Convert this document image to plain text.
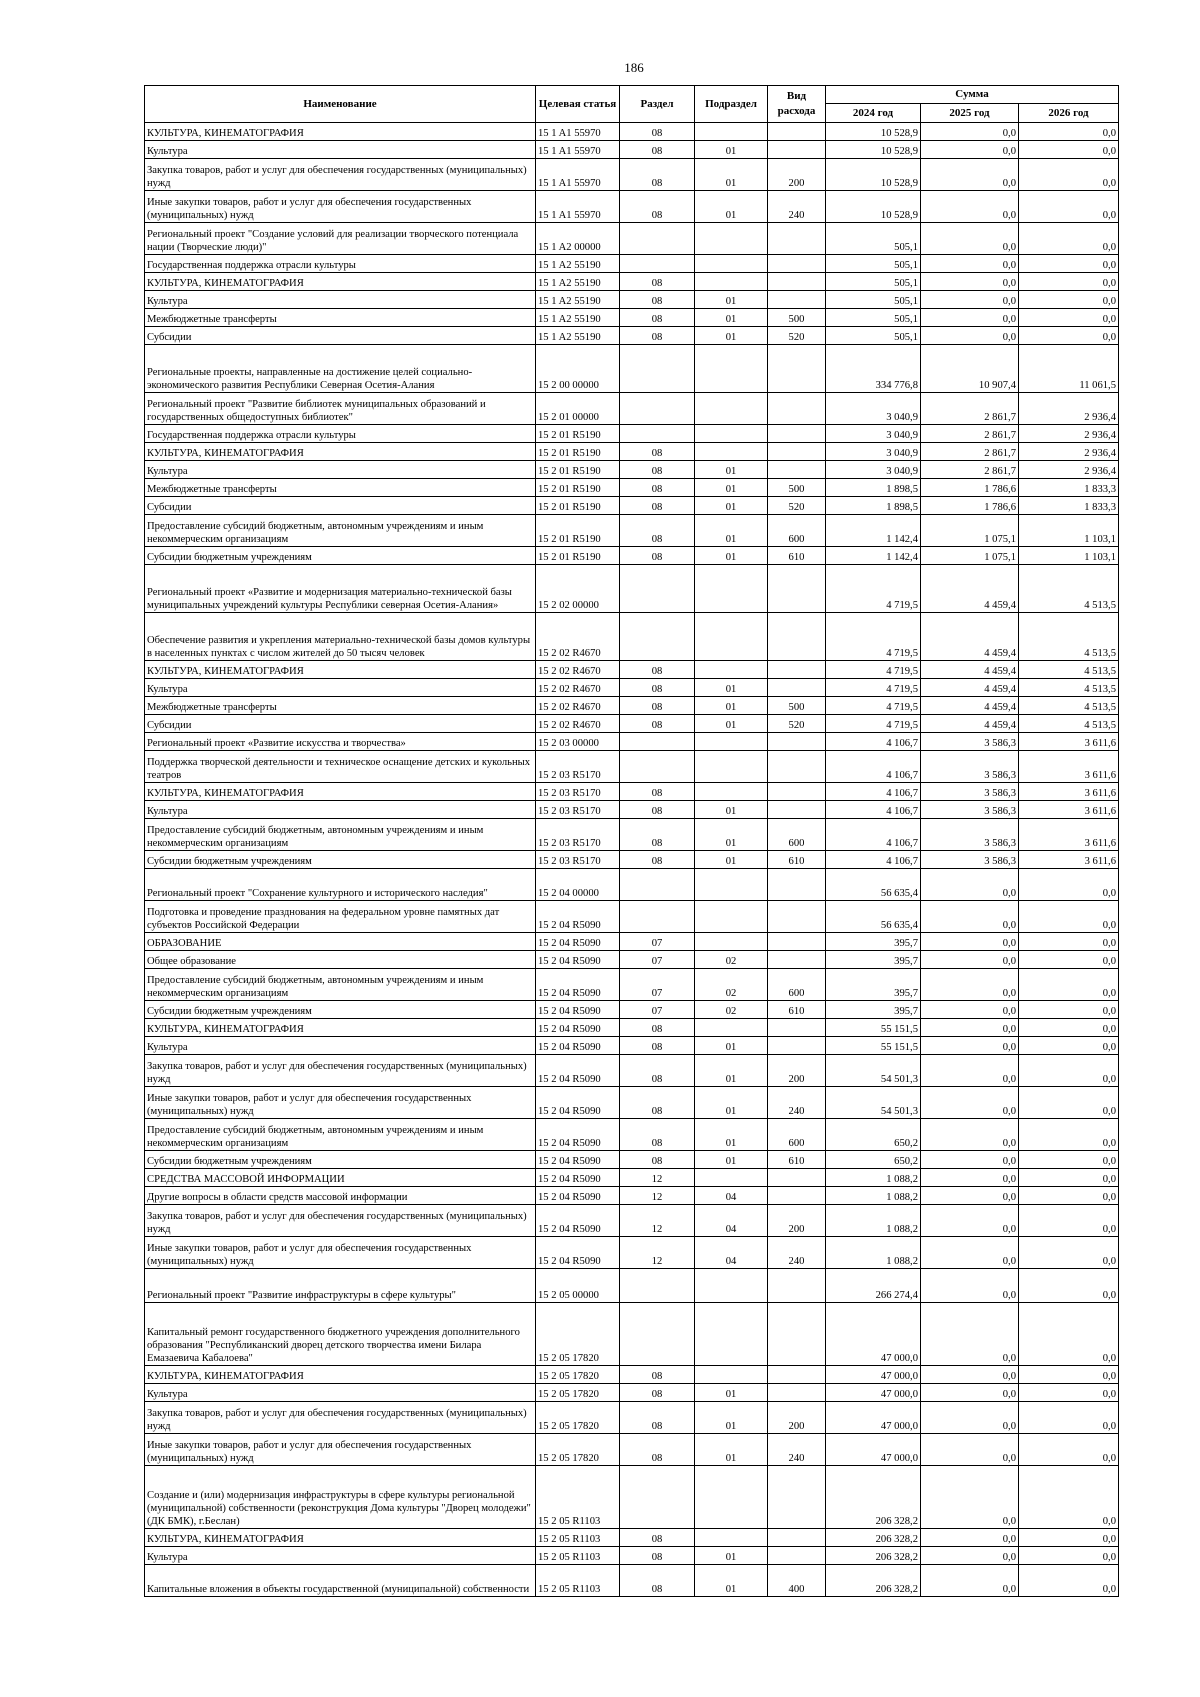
186
Наименование	Целевая статья	Раздел	Подраздел	Вид расхода	Сумма		
					2024 год	2025 год	2026 год
КУЛЬТУРА, КИНЕМАТОГРАФИЯ	15 1 A1 55970	08			10 528,9	0,0	0,0
Культура	15 1 A1 55970	08	01		10 528,9	0,0	0,0
Закупка товаров, работ и услуг для обеспечения государственных (муниципальных) нужд	15 1 A1 55970	08	01	200	10 528,9	0,0	0,0
Иные закупки товаров, работ и услуг для обеспечения государственных (муниципальных) нужд	15 1 A1 55970	08	01	240	10 528,9	0,0	0,0
Региональный проект "Создание условий для реализации творческого потенциала нации (Творческие люди)"	15 1 A2 00000				505,1	0,0	0,0
Государственная поддержка отрасли культуры	15 1 A2 55190				505,1	0,0	0,0
КУЛЬТУРА, КИНЕМАТОГРАФИЯ	15 1 A2 55190	08			505,1	0,0	0,0
Культура	15 1 A2 55190	08	01		505,1	0,0	0,0
Межбюджетные трансферты	15 1 A2 55190	08	01	500	505,1	0,0	0,0
Субсидии	15 1 A2 55190	08	01	520	505,1	0,0	0,0
Региональные проекты, направленные на достижение целей социально-экономического развития Республики Северная Осетия-Алания	15 2 00 00000				334 776,8	10 907,4	11 061,5
Региональный проект "Развитие библиотек муниципальных образований и государственных общедоступных библиотек"	15 2 01 00000				3 040,9	2 861,7	2 936,4
Государственная поддержка отрасли культуры	15 2 01 R5190				3 040,9	2 861,7	2 936,4
КУЛЬТУРА, КИНЕМАТОГРАФИЯ	15 2 01 R5190	08			3 040,9	2 861,7	2 936,4
Культура	15 2 01 R5190	08	01		3 040,9	2 861,7	2 936,4
Межбюджетные трансферты	15 2 01 R5190	08	01	500	1 898,5	1 786,6	1 833,3
Субсидии	15 2 01 R5190	08	01	520	1 898,5	1 786,6	1 833,3
Предоставление субсидий бюджетным, автономным учреждениям и иным некоммерческим организациям	15 2 01 R5190	08	01	600	1 142,4	1 075,1	1 103,1
Субсидии бюджетным учреждениям	15 2 01 R5190	08	01	610	1 142,4	1 075,1	1 103,1
Региональный проект «Развитие и модернизация материально-технической базы муниципальных учреждений культуры Республики северная Осетия-Алания»	15 2 02 00000				4 719,5	4 459,4	4 513,5
Обеспечение развития и укрепления материально-технической базы домов культуры в населенных пунктах с числом жителей до 50 тысяч человек	15 2 02 R4670				4 719,5	4 459,4	4 513,5
КУЛЬТУРА, КИНЕМАТОГРАФИЯ	15 2 02 R4670	08			4 719,5	4 459,4	4 513,5
Культура	15 2 02 R4670	08	01		4 719,5	4 459,4	4 513,5
Межбюджетные трансферты	15 2 02 R4670	08	01	500	4 719,5	4 459,4	4 513,5
Субсидии	15 2 02 R4670	08	01	520	4 719,5	4 459,4	4 513,5
Региональный проект «Развитие искусства и творчества»	15 2 03 00000				4 106,7	3 586,3	3 611,6
Поддержка творческой деятельности и техническое оснащение детских и кукольных театров	15 2 03 R5170				4 106,7	3 586,3	3 611,6
КУЛЬТУРА, КИНЕМАТОГРАФИЯ	15 2 03 R5170	08			4 106,7	3 586,3	3 611,6
Культура	15 2 03 R5170	08	01		4 106,7	3 586,3	3 611,6
Предоставление субсидий бюджетным, автономным учреждениям и иным некоммерческим организациям	15 2 03 R5170	08	01	600	4 106,7	3 586,3	3 611,6
Субсидии бюджетным учреждениям	15 2 03 R5170	08	01	610	4 106,7	3 586,3	3 611,6
Региональный проект "Сохранение культурного и исторического наследия"	15 2 04 00000				56 635,4	0,0	0,0
Подготовка и проведение празднования на федеральном уровне памятных дат субъектов Российской Федерации	15 2 04 R5090				56 635,4	0,0	0,0
ОБРАЗОВАНИЕ	15 2 04 R5090	07			395,7	0,0	0,0
Общее образование	15 2 04 R5090	07	02		395,7	0,0	0,0
Предоставление субсидий бюджетным, автономным учреждениям и иным некоммерческим организациям	15 2 04 R5090	07	02	600	395,7	0,0	0,0
Субсидии бюджетным учреждениям	15 2 04 R5090	07	02	610	395,7	0,0	0,0
КУЛЬТУРА, КИНЕМАТОГРАФИЯ	15 2 04 R5090	08			55 151,5	0,0	0,0
Культура	15 2 04 R5090	08	01		55 151,5	0,0	0,0
Закупка товаров, работ и услуг для обеспечения государственных (муниципальных) нужд	15 2 04 R5090	08	01	200	54 501,3	0,0	0,0
Иные закупки товаров, работ и услуг для обеспечения государственных (муниципальных) нужд	15 2 04 R5090	08	01	240	54 501,3	0,0	0,0
Предоставление субсидий бюджетным, автономным учреждениям и иным некоммерческим организациям	15 2 04 R5090	08	01	600	650,2	0,0	0,0
Субсидии бюджетным учреждениям	15 2 04 R5090	08	01	610	650,2	0,0	0,0
СРЕДСТВА МАССОВОЙ ИНФОРМАЦИИ	15 2 04 R5090	12			1 088,2	0,0	0,0
Другие вопросы в области средств массовой информации	15 2 04 R5090	12	04		1 088,2	0,0	0,0
Закупка товаров, работ и услуг для обеспечения государственных (муниципальных) нужд	15 2 04 R5090	12	04	200	1 088,2	0,0	0,0
Иные закупки товаров, работ и услуг для обеспечения государственных (муниципальных) нужд	15 2 04 R5090	12	04	240	1 088,2	0,0	0,0
Региональный проект "Развитие инфраструктуры в сфере культуры"	15 2 05 00000				266 274,4	0,0	0,0
Капитальный ремонт государственного бюджетного учреждения дополнительного образования "Республиканский дворец детского творчества имени Билара Емазаевича Кабалоева"	15 2 05 17820				47 000,0	0,0	0,0
КУЛЬТУРА, КИНЕМАТОГРАФИЯ	15 2 05 17820	08			47 000,0	0,0	0,0
Культура	15 2 05 17820	08	01		47 000,0	0,0	0,0
Закупка товаров, работ и услуг для обеспечения государственных (муниципальных) нужд	15 2 05 17820	08	01	200	47 000,0	0,0	0,0
Иные закупки товаров, работ и услуг для обеспечения государственных (муниципальных) нужд	15 2 05 17820	08	01	240	47 000,0	0,0	0,0
Создание и (или) модернизация инфраструктуры в сфере культуры региональной (муниципальной) собственности (реконструкция Дома культуры "Дворец молодежи" (ДК БМК), г.Беслан)	15 2 05 R1103				206 328,2	0,0	0,0
КУЛЬТУРА, КИНЕМАТОГРАФИЯ	15 2 05 R1103	08			206 328,2	0,0	0,0
Культура	15 2 05 R1103	08	01		206 328,2	0,0	0,0
Капитальные вложения в объекты государственной (муниципальной) собственности	15 2 05 R1103	08	01	400	206 328,2	0,0	0,0
